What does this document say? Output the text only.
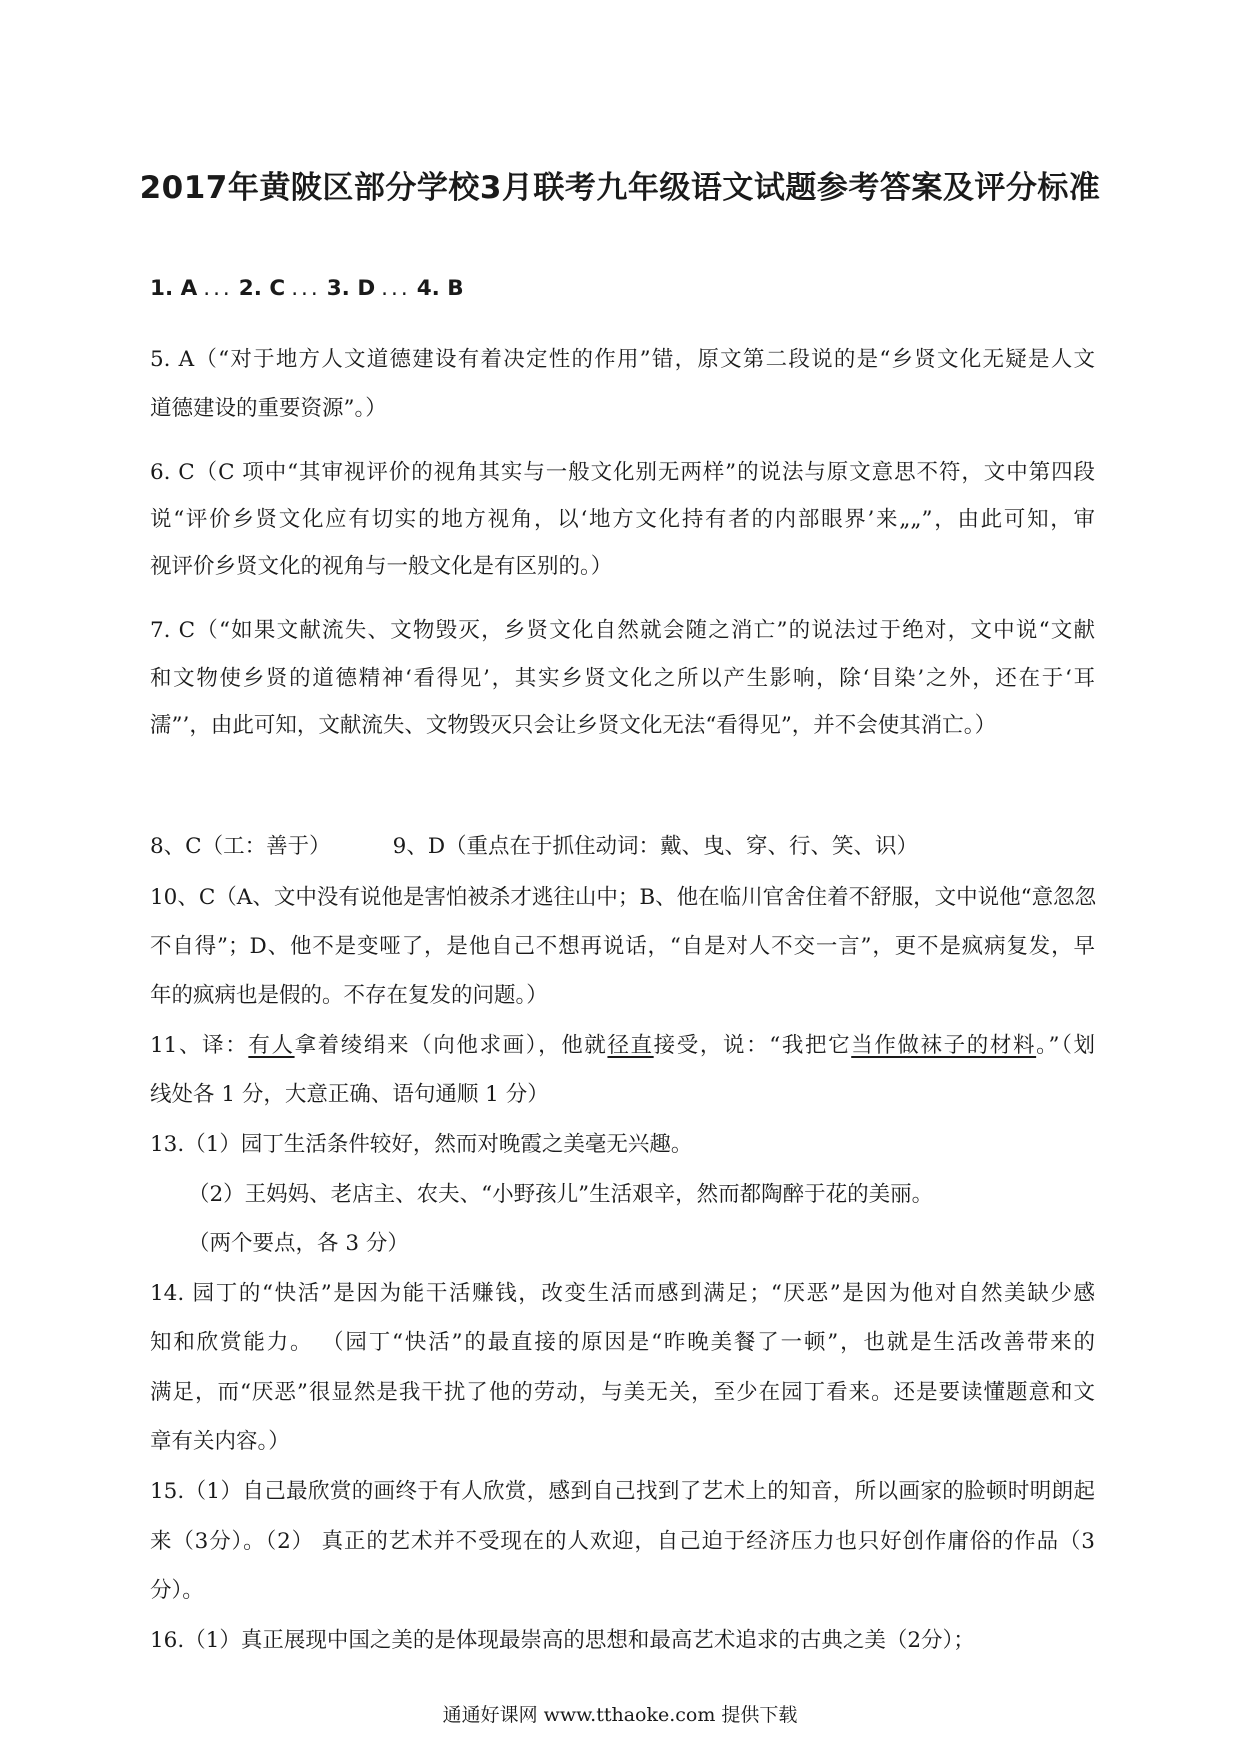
2017年黄陂区部分学校3月联考九年级语文试题参考答案及评分标准
1. A ... 2. C ... 3. D ... 4. B
5. A（“对于地方人文道德建设有着决定性的作用”错，原文第二段说的是“乡贤文化无疑是人文
道德建设的重要资源”。）
6. C（C 项中“其审视评价的视角其实与一般文化别无两样”的说法与原文意思不符，文中第四段
说“评价乡贤文化应有切实的地方视角，以‘地方文化持有者的内部眼界’来„„”，由此可知，审
视评价乡贤文化的视角与一般文化是有区别的。）
7. C（“如果文献流失、文物毁灭，乡贤文化自然就会随之消亡”的说法过于绝对，文中说“文献
和文物使乡贤的道德精神‘看得见’，其实乡贤文化之所以产生影响，除‘目染’之外，还在于‘耳
濡”’，由此可知，文献流失、文物毁灭只会让乡贤文化无法“看得见”，并不会使其消亡。）
8、C（工：善于）	9、D（重点在于抓住动词：戴、曳、穿、行、笑、识）
10、C（A、文中没有说他是害怕被杀才逃往山中；B、他在临川官舍住着不舒服，文中说他“意忽忽
不自得”；D、他不是变哑了，是他自己不想再说话，“自是对人不交一言”，更不是疯病复发，早
年的疯病也是假的。不存在复发的问题。）
11、译：有人拿着绫绢来（向他求画），他就径直接受，说：“我把它当作做袜子的材料。”（划
线处各 1 分，大意正确、语句通顺 1 分）
13.（1）园丁生活条件较好，然而对晚霞之美毫无兴趣。
（2）王妈妈、老店主、农夫、“小野孩儿”生活艰辛，然而都陶醉于花的美丽。
（两个要点，各 3 分）
14. 园丁的“快活”是因为能干活赚钱，改变生活而感到满足；“厌恶”是因为他对自然美缺少感
知和欣赏能力。 （园丁“快活”的最直接的原因是“昨晚美餐了一顿”，也就是生活改善带来的
满足，而“厌恶”很显然是我干扰了他的劳动，与美无关，至少在园丁看来。还是要读懂题意和文
章有关内容。）
15.（1）自己最欣赏的画终于有人欣赏，感到自己找到了艺术上的知音，所以画家的脸顿时明朗起
来（3分）。（2） 真正的艺术并不受现在的人欢迎，自己迫于经济压力也只好创作庸俗的作品（3
分）。
16.（1）真正展现中国之美的是体现最崇高的思想和最高艺术追求的古典之美（2分）；
通通好课网 www.tthaoke.com 提供下载
